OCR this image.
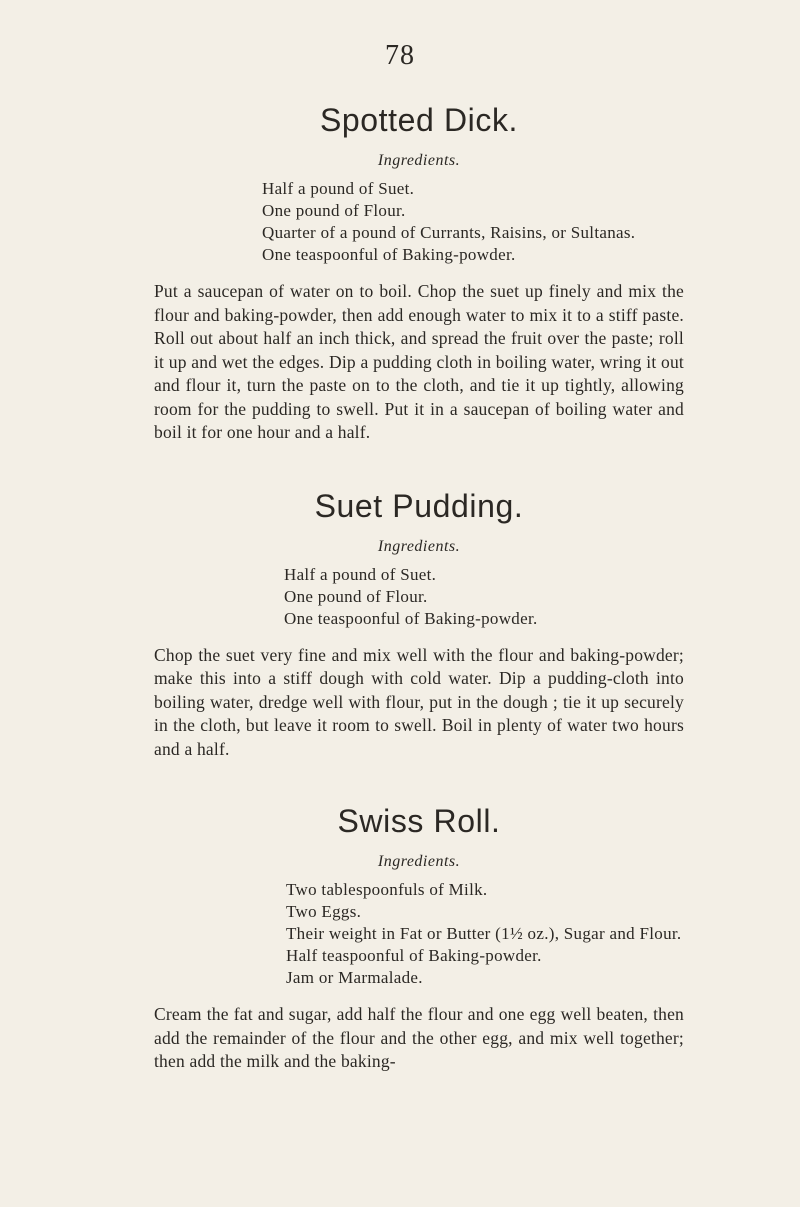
78
Spotted Dick.
Ingredients.
Half a pound of Suet.
One pound of Flour.
Quarter of a pound of Currants, Raisins, or Sultanas.
One teaspoonful of Baking-powder.

Put a saucepan of water on to boil. Chop the suet up finely and mix the flour and baking-powder, then add enough water to mix it to a stiff paste. Roll out about half an inch thick, and spread the fruit over the paste; roll it up and wet the edges. Dip a pudding cloth in boiling water, wring it out and flour it, turn the paste on to the cloth, and tie it up tightly, allowing room for the pudding to swell. Put it in a saucepan of boiling water and boil it for one hour and a half.

Suet Pudding.
Ingredients.
Half a pound of Suet.
One pound of Flour.
One teaspoonful of Baking-powder.

Chop the suet very fine and mix well with the flour and baking-powder; make this into a stiff dough with cold water. Dip a pudding-cloth into boiling water, dredge well with flour, put in the dough ; tie it up securely in the cloth, but leave it room to swell. Boil in plenty of water two hours and a half.

Swiss Roll.
Ingredients.
Two tablespoonfuls of Milk.
Two Eggs.
Their weight in Fat or Butter (1½ oz.), Sugar and Flour.
Half teaspoonful of Baking-powder.
Jam or Marmalade.

Cream the fat and sugar, add half the flour and one egg well beaten, then add the remainder of the flour and the other egg, and mix well together; then add the milk and the baking-
